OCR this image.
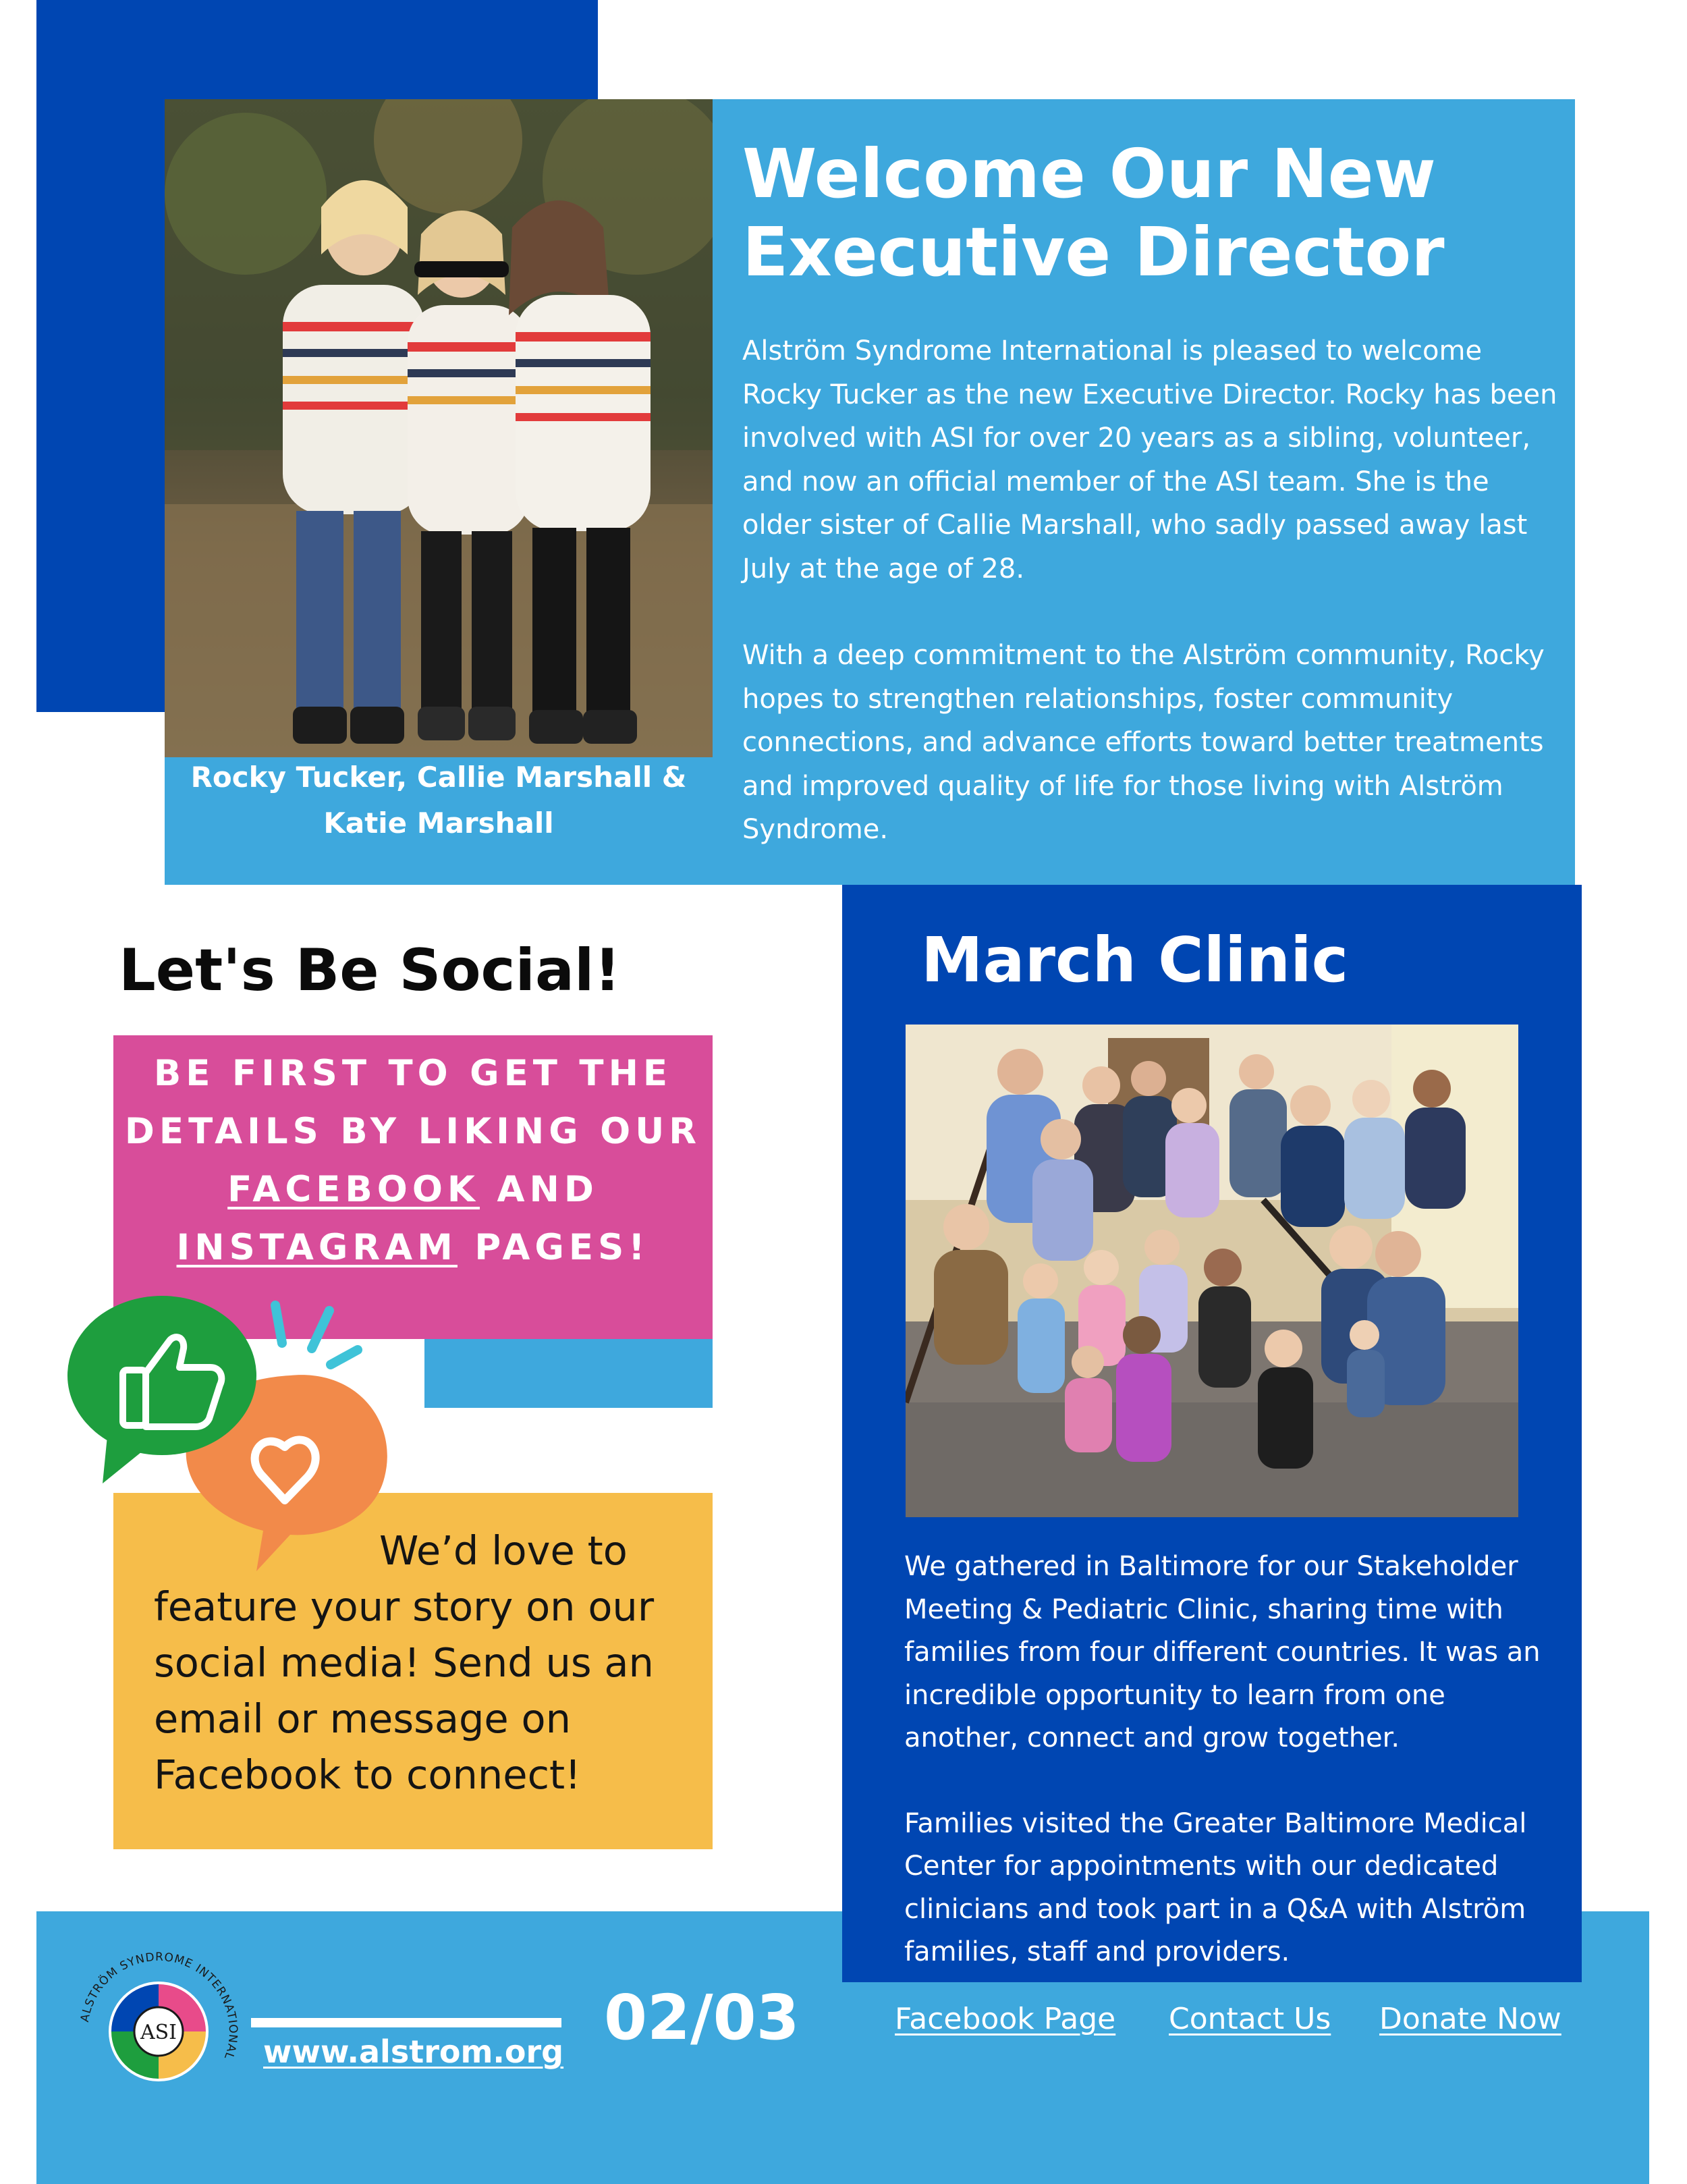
Rocky Tucker, Callie Marshall &
Katie Marshall
Welcome Our New
Executive Director

Alström Syndrome International is pleased to welcome Rocky Tucker as the new Executive Director. Rocky has been involved with ASI for over 20 years as a sibling, volunteer, and now an official member of the ASI team. She is the older sister of Callie Marshall, who sadly passed away last July at the age of 28.

With a deep commitment to the Alström community, Rocky hopes to strengthen relationships, foster community connections, and advance efforts toward better treatments and improved quality of life for those living with Alström Syndrome.

Let's Be Social!
BE FIRST TO GET THE
DETAILS BY LIKING OUR
FACEBOOK AND
INSTAGRAM PAGES!
We’d love to feature your story on our social media! Send us an email or message on Facebook to connect!
March Clinic

We gathered in Baltimore for our Stakeholder Meeting & Pediatric Clinic, sharing time with families from four different countries. It was an incredible opportunity to learn from one another, connect and grow together.

Families visited the Greater Baltimore Medical Center for appointments with our dedicated clinicians and took part in a Q&A with Alström families, staff and providers.

ASI
ALSTRÖM SYNDROME INTERNATIONAL www.alstrom.org 02/03	Facebook Page Contact Us Donate Now
